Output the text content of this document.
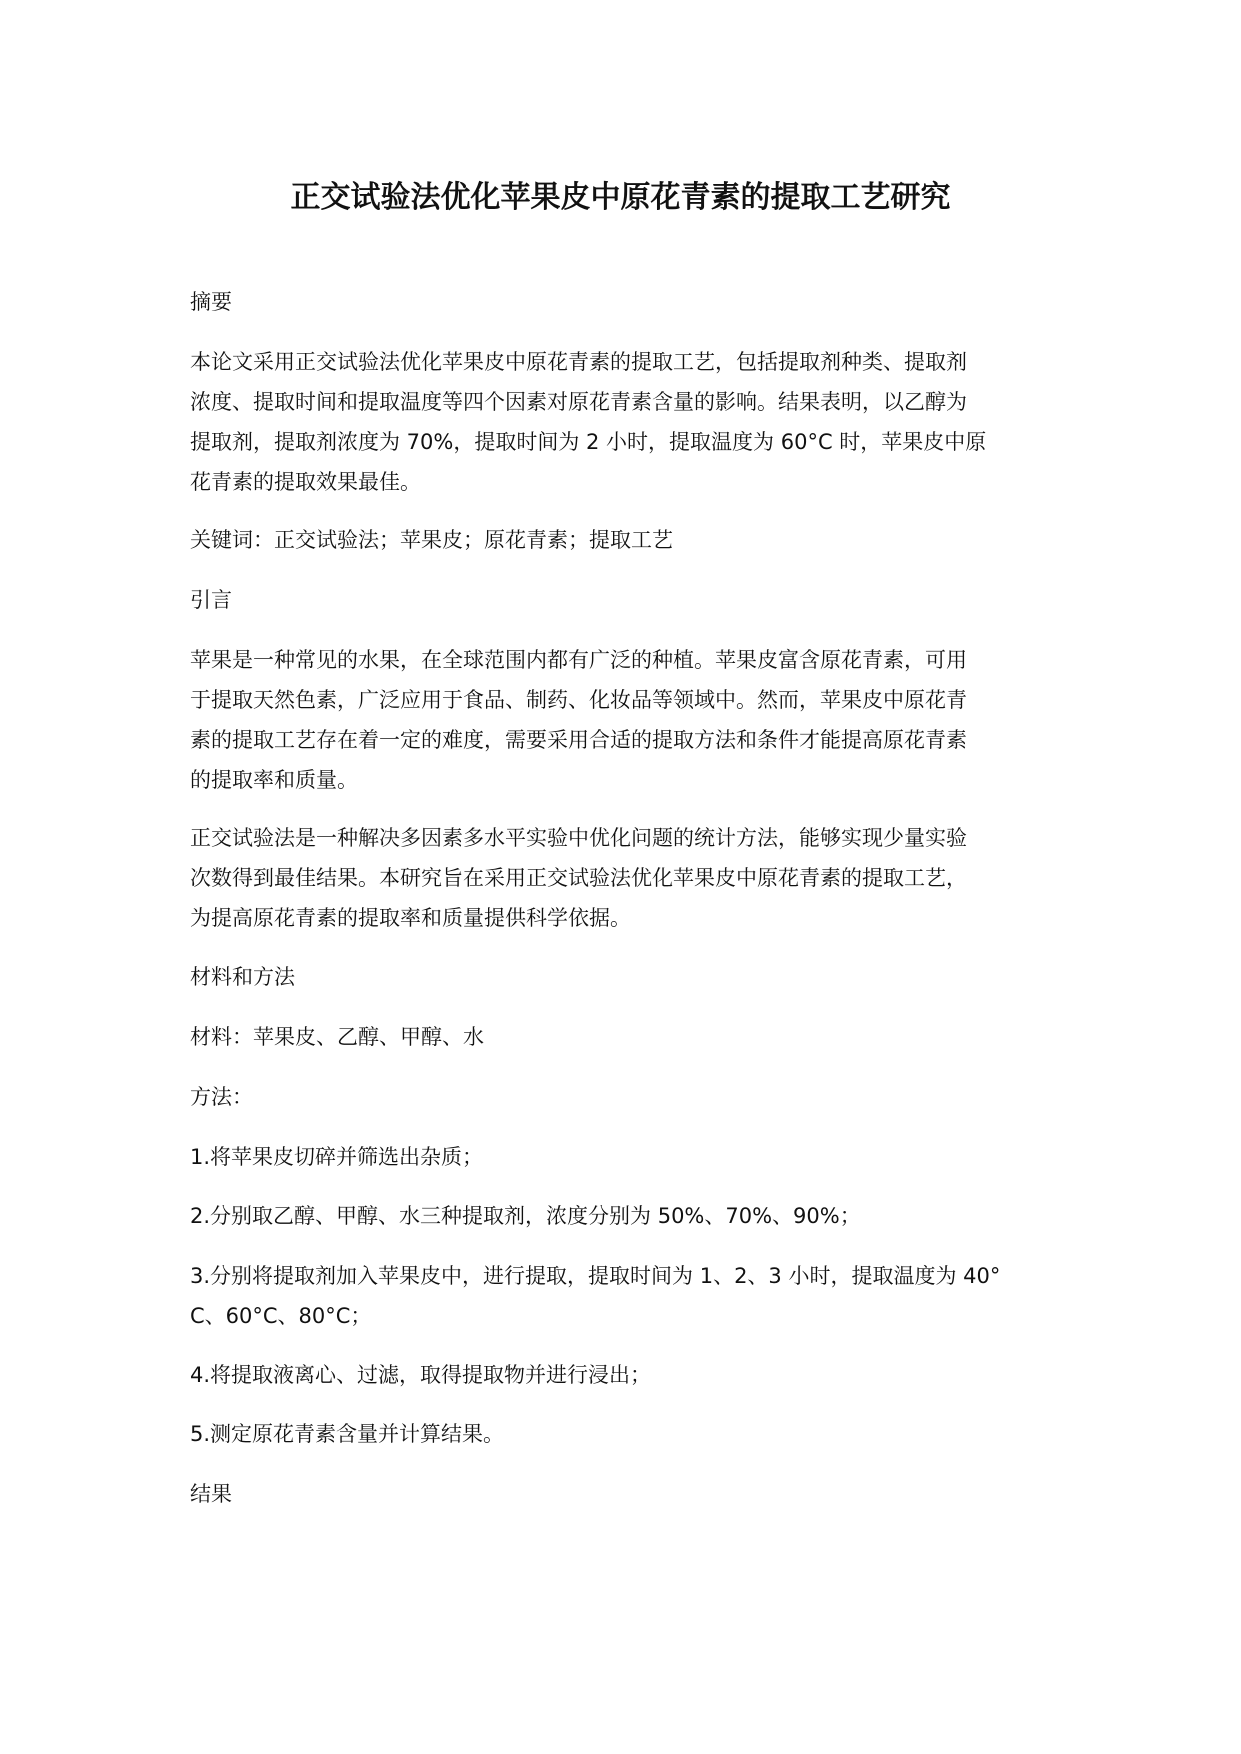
正交试验法优化苹果皮中原花青素的提取工艺研究
摘要
本论文采用正交试验法优化苹果皮中原花青素的提取工艺，包括提取剂种类、提取剂
浓度、提取时间和提取温度等四个因素对原花青素含量的影响。结果表明，以乙醇为
提取剂，提取剂浓度为 70%，提取时间为 2 小时，提取温度为 60°C 时，苹果皮中原
花青素的提取效果最佳。
关键词：正交试验法；苹果皮；原花青素；提取工艺
引言
苹果是一种常见的水果，在全球范围内都有广泛的种植。苹果皮富含原花青素，可用
于提取天然色素，广泛应用于食品、制药、化妆品等领域中。然而，苹果皮中原花青
素的提取工艺存在着一定的难度，需要采用合适的提取方法和条件才能提高原花青素
的提取率和质量。
正交试验法是一种解决多因素多水平实验中优化问题的统计方法，能够实现少量实验
次数得到最佳结果。本研究旨在采用正交试验法优化苹果皮中原花青素的提取工艺，
为提高原花青素的提取率和质量提供科学依据。
材料和方法
材料：苹果皮、乙醇、甲醇、水
方法：
1.将苹果皮切碎并筛选出杂质；
2.分别取乙醇、甲醇、水三种提取剂，浓度分别为 50%、70%、90%；
3.分别将提取剂加入苹果皮中，进行提取，提取时间为 1、2、3 小时，提取温度为 40°
C、60°C、80°C；
4.将提取液离心、过滤，取得提取物并进行浸出；
5.测定原花青素含量并计算结果。
结果
